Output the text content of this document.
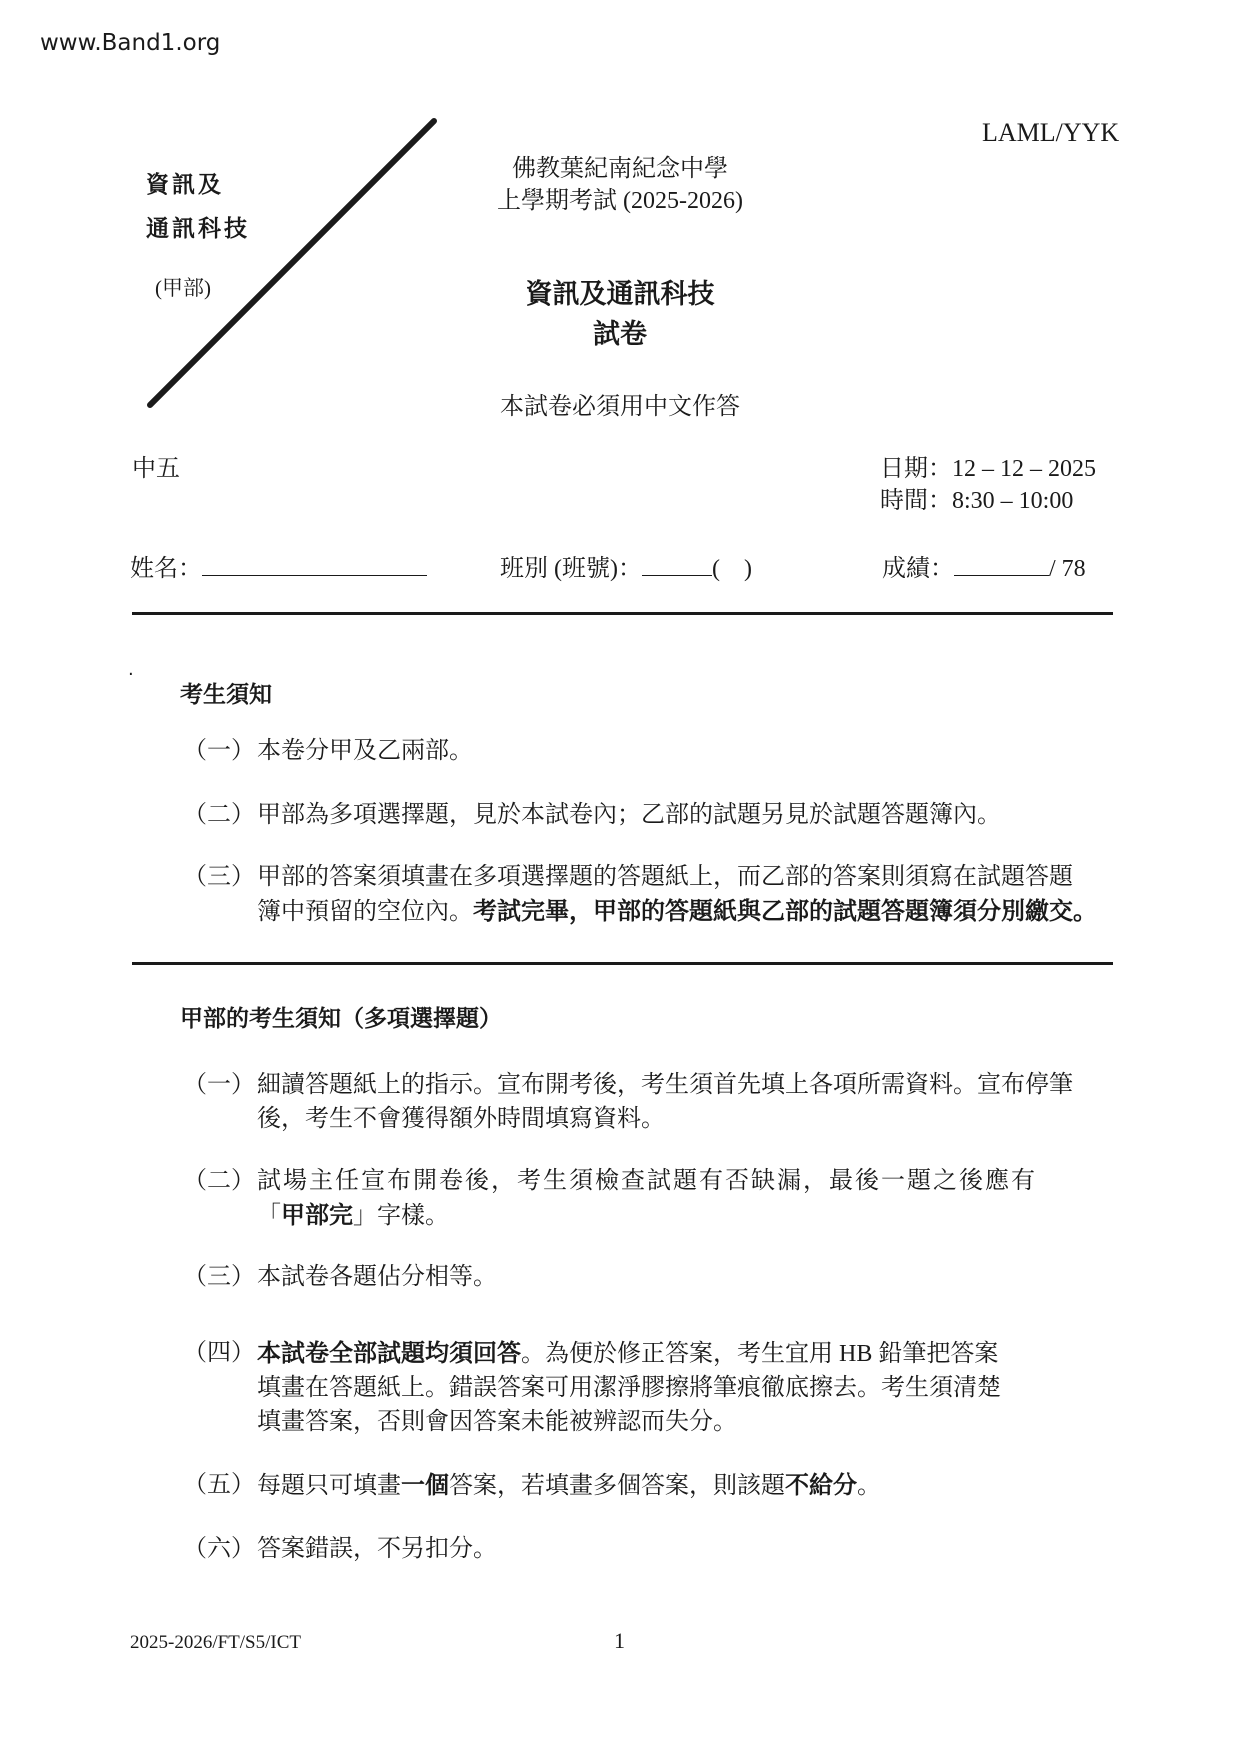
www.Band1.org
LAML/YYK
資訊及
通訊科技
(甲部)
佛教葉紀南紀念中學
上學期考試 (2025-2026)
資訊及通訊科技
試卷
本試卷必須用中文作答
中五	日期：12 – 12 – 2025
時間：8:30 – 10:00
姓名：	班別 (班號)：	(　)	成績：	/ 78
·
考生須知
（一） 本卷分甲及乙兩部。
（二） 甲部為多項選擇題，見於本試卷內；乙部的試題另見於試題答題簿內。
（三） 甲部的答案須填畫在多項選擇題的答題紙上，而乙部的答案則須寫在試題答題
簿中預留的空位內。考試完畢，甲部的答題紙與乙部的試題答題簿須分別繳交。
甲部的考生須知（多項選擇題）
（一） 細讀答題紙上的指示。宣布開考後，考生須首先填上各項所需資料。宣布停筆
後，考生不會獲得額外時間填寫資料。
（二） 試場主任宣布開卷後，考生須檢查試題有否缺漏，最後一題之後應有
「甲部完」字樣。
（三） 本試卷各題佔分相等。
（四） 本試卷全部試題均須回答。為便於修正答案，考生宜用 HB 鉛筆把答案
填畫在答題紙上。錯誤答案可用潔淨膠擦將筆痕徹底擦去。考生須清楚
填畫答案，否則會因答案未能被辨認而失分。
（五） 每題只可填畫一個答案，若填畫多個答案，則該題不給分。
（六） 答案錯誤，不另扣分。
2025-2026/FT/S5/ICT	1
